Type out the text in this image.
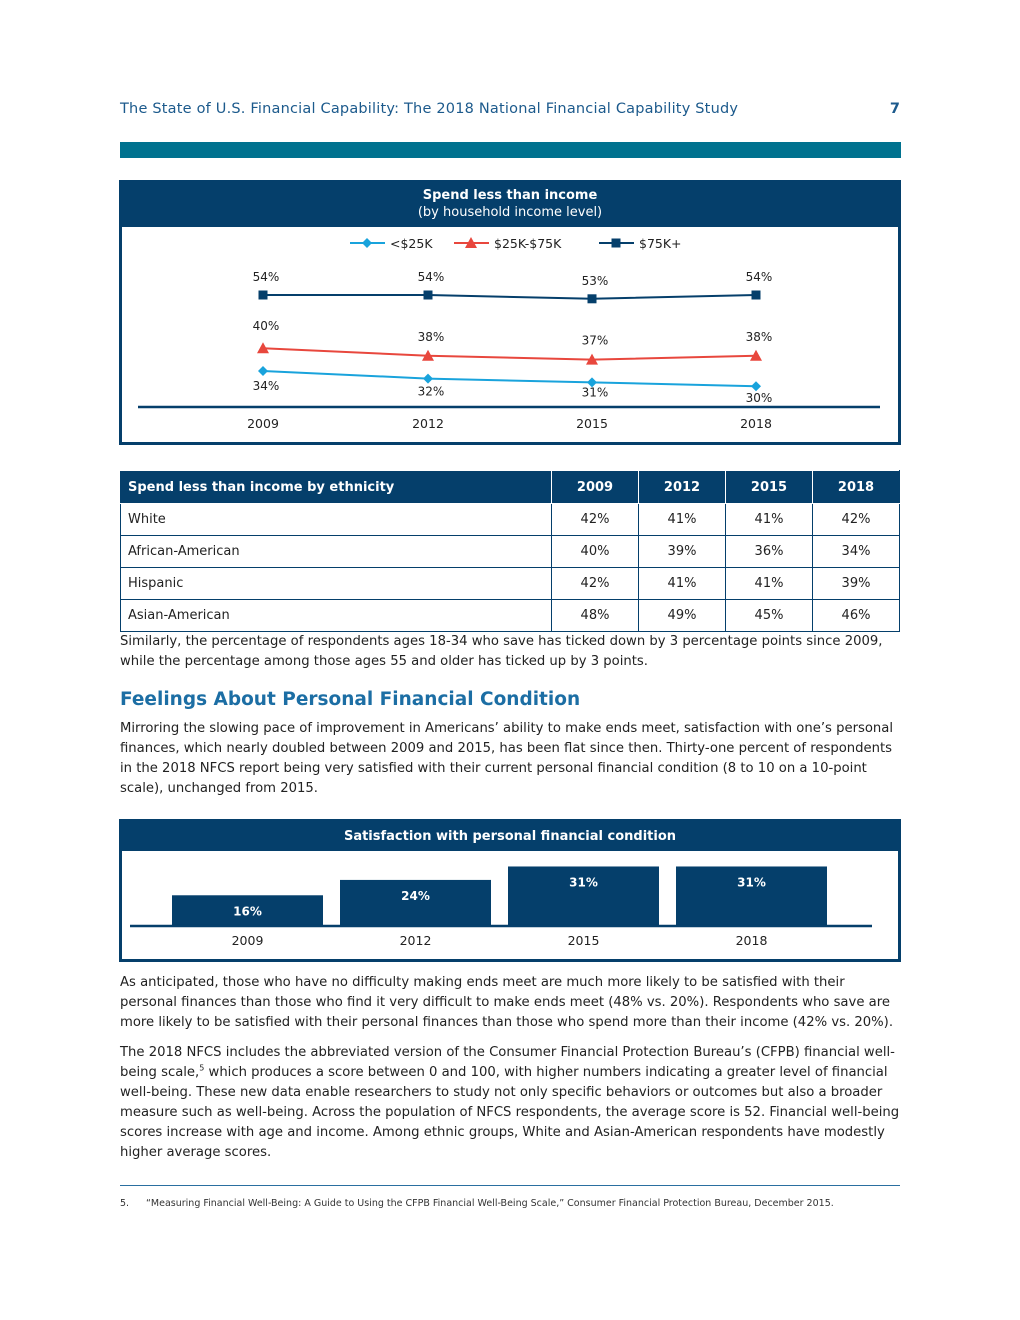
The State of U.S. Financial Capability: The 2018 National Financial Capability Study	7
Spend less than income
(by household income level)
<$25K	$25K-$75K	$75K+
2009	2012	2015	2018
34%	32%	31%	30%
40%
38%	37%	38%
54%	54%	53%	54%
Spend less than income by ethnicity	2009	2012	2015	2018
White	42%	41%	41%	42%
African-American	40%	39%	36%	34%
Hispanic	42%	41%	41%	39%
Asian-American	48%	49%	45%	46%
Similarly, the percentage of respondents ages 18-34 who save has ticked down by 3 percentage points since 2009, while the percentage among those ages 55 and older has ticked up by 3 points.
Feelings About Personal Financial Condition
Mirroring the slowing pace of improvement in Americans’ ability to make ends meet, satisfaction with one’s personal finances, which nearly doubled between 2009 and 2015, has been flat since then. Thirty-one percent of respondents in the 2018 NFCS report being very satisfied with their current personal financial condition (8 to 10 on a 10-point scale), unchanged from 2015.
Satisfaction with personal financial condition
16%
2009
24%
2012
31%
2015
31%
2018
As anticipated, those who have no difficulty making ends meet are much more likely to be satisfied with their personal finances than those who find it very difficult to make ends meet (48% vs. 20%). Respondents who save are more likely to be satisfied with their personal finances than those who spend more than their income (42% vs. 20%).
The 2018 NFCS includes the abbreviated version of the Consumer Financial Protection Bureau’s (CFPB) financial well-being scale,$^5$ which produces a score between 0 and 100, with higher numbers indicating a greater level of financial well-being. These new data enable researchers to study not only specific behaviors or outcomes but also a broader measure such as well-being. Across the population of NFCS respondents, the average score is 52. Financial well-being scores increase with age and income. Among ethnic groups, White and Asian-American respondents have modestly higher average scores.
5. “Measuring Financial Well-Being: A Guide to Using the CFPB Financial Well-Being Scale,” Consumer Financial Protection Bureau, December 2015.
